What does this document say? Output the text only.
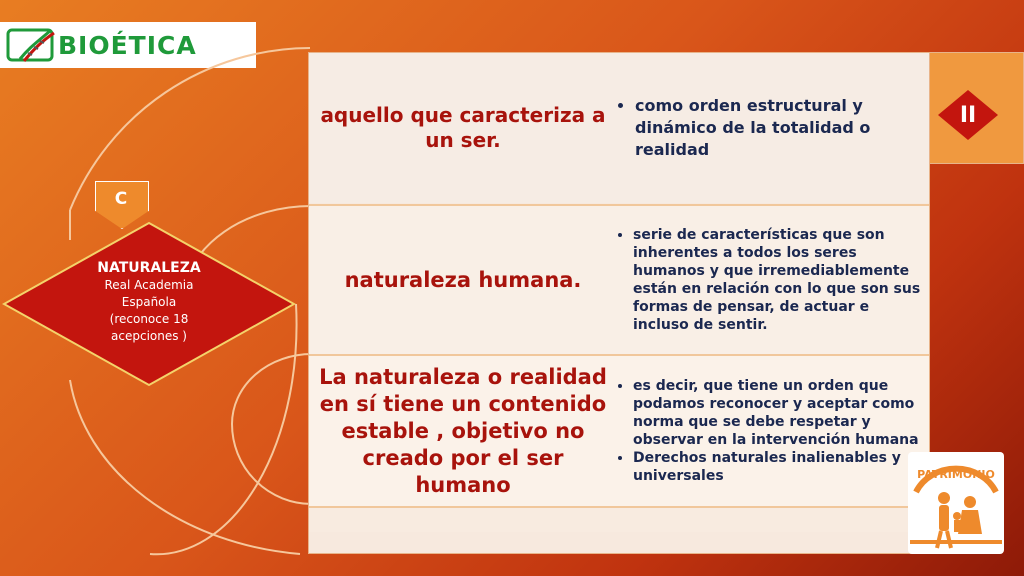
BIOÉTICA
aquello que caracteriza a un ser.
• como orden estructural y dinámico de la totalidad o realidad
naturaleza humana.
• serie de características que son inherentes a todos los seres humanos y que irremediablemente están en relación con lo que son sus formas de pensar, de actuar e incluso de sentir.
La naturaleza o realidad en sí tiene un contenido estable , objetivo no creado por el ser humano
• es decir, que tiene un orden que podamos reconocer y aceptar como norma que se debe respetar y observar en la intervención humana
• Derechos naturales inalienables y universales
II
C
NATURALEZA
Real Academia
Española
(reconoce 18
acepciones )
PATRIMONIO
